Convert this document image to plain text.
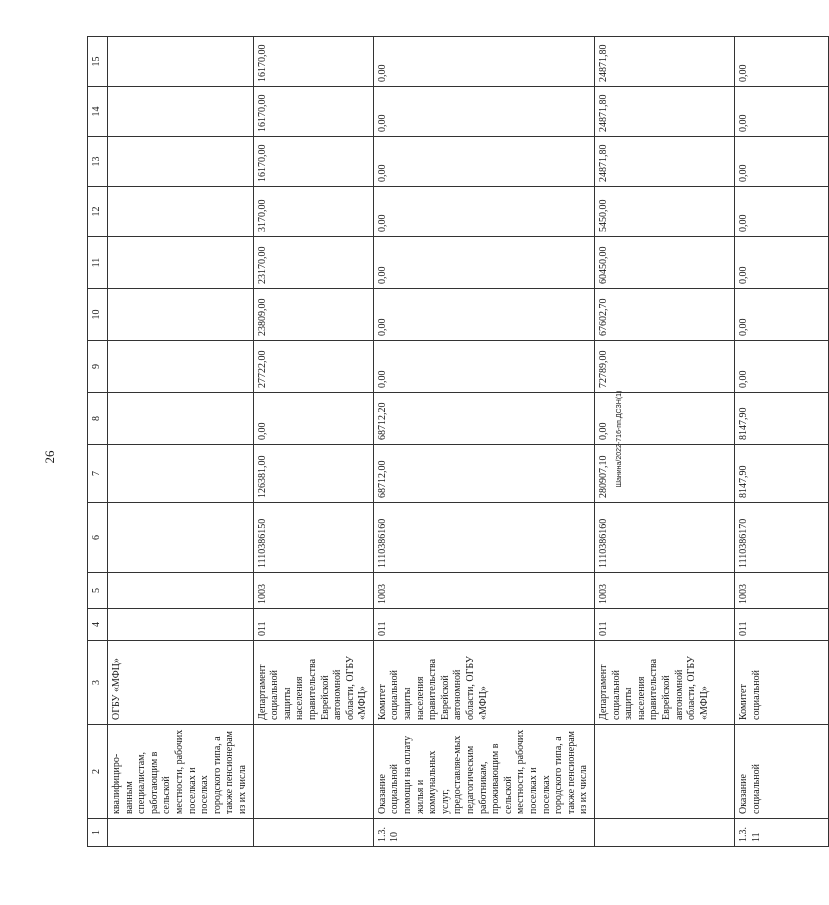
26	Шанина/2022-716-пп.ДСЗН(1)
1	2	3	4	5	6	7	8	9	10	11	12	13	14	15
	квалифициро-ванным специалистам, работающим в сельской местности, рабочих поселках и поселках городского типа, а также пенсионерам из их числа	ОГБУ «МФЦ»												
		Департамент социальной защиты населения правительства Еврейской автономной области, ОГБУ «МФЦ»	011	1003	1110386150	126381,00	0,00	27722,00	23809,00	23170,00	3170,00	16170,00	16170,00	16170,00
1.3.10	Оказание социальной помощи на оплату жилья и коммунальных услуг, предоставляе-мых педагогическим работникам, проживающим в сельской местности, рабочих поселках и поселках городского типа, а также пенсионерам из их числа	Комитет социальной защиты населения правительства Еврейской автономной области, ОГБУ «МФЦ»	011	1003	1110386160	68712,00	68712,20	0,00	0,00	0,00	0,00	0,00	0,00	0,00
		Департамент социальной защиты населения правительства Еврейской автономной области, ОГБУ «МФЦ»	011	1003	1110386160	280907,10	0,00	72789,00	67602,70	60450,00	5450,00	24871,80	24871,80	24871,80
1.3.11	Оказание социальной	Комитет социальной	011	1003	1110386170	8147,90	8147,90	0,00	0,00	0,00	0,00	0,00	0,00	0,00
